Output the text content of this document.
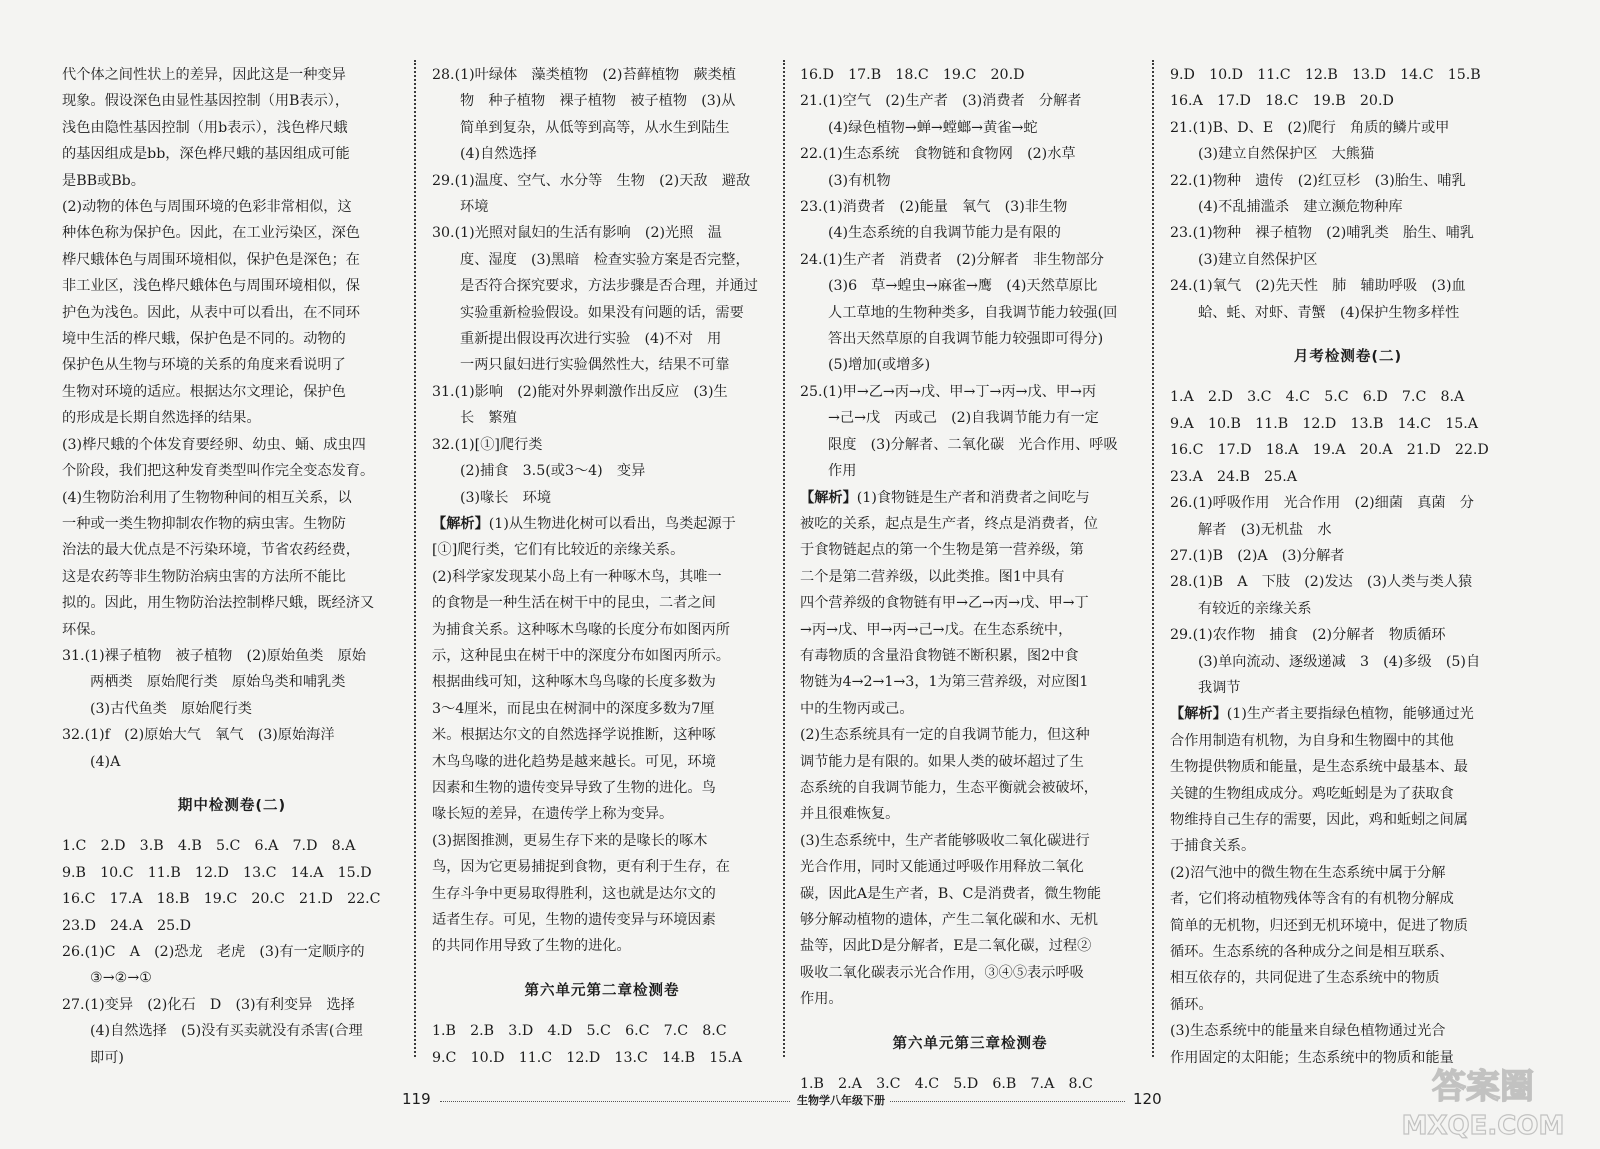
代个体之间性状上的差异，因此这是一种变异
现象。假设深色由显性基因控制（用B表示），
浅色由隐性基因控制（用b表示），浅色桦尺蛾
的基因组成是bb，深色桦尺蛾的基因组成可能
是BB或Bb。
(2)动物的体色与周围环境的色彩非常相似，这
种体色称为保护色。因此，在工业污染区，深色
桦尺蛾体色与周围环境相似，保护色是深色；在
非工业区，浅色桦尺蛾体色与周围环境相似，保
护色为浅色。因此，从表中可以看出，在不同环
境中生活的桦尺蛾，保护色是不同的。动物的
保护色从生物与环境的关系的角度来看说明了
生物对环境的适应。根据达尔文理论，保护色
的形成是长期自然选择的结果。
(3)桦尺蛾的个体发育要经卵、幼虫、蛹、成虫四
个阶段，我们把这种发育类型叫作完全变态发育。
(4)生物防治利用了生物物种间的相互关系，以
一种或一类生物抑制农作物的病虫害。生物防
治法的最大优点是不污染环境，节省农药经费，
这是农药等非生物防治病虫害的方法所不能比
拟的。因此，用生物防治法控制桦尺蛾，既经济又
环保。
31.(1)裸子植物　被子植物　(2)原始鱼类　原始
两栖类　原始爬行类　原始鸟类和哺乳类
(3)古代鱼类　原始爬行类
32.(1)f　(2)原始大气　氧气　(3)原始海洋
(4)A
期中检测卷(二)
1.C　2.D　3.B　4.B　5.C　6.A　7.D　8.A
9.B　10.C　11.B　12.D　13.C　14.A　15.D
16.C　17.A　18.B　19.C　20.C　21.D　22.C
23.D　24.A　25.D
26.(1)C　A　(2)恐龙　老虎　(3)有一定顺序的
③→②→①
27.(1)变异　(2)化石　D　(3)有利变异　选择
(4)自然选择　(5)没有买卖就没有杀害(合理
即可)
28.(1)叶绿体　藻类植物　(2)苔藓植物　蕨类植
物　种子植物　裸子植物　被子植物　(3)从
简单到复杂，从低等到高等，从水生到陆生
(4)自然选择
29.(1)温度、空气、水分等　生物　(2)天敌　避敌
环境
30.(1)光照对鼠妇的生活有影响　(2)光照　温
度、湿度　(3)黑暗　检查实验方案是否完整，
是否符合探究要求，方法步骤是否合理，并通过
实验重新检验假设。如果没有问题的话，需要
重新提出假设再次进行实验　(4)不对　用
一两只鼠妇进行实验偶然性大，结果不可靠
31.(1)影响　(2)能对外界刺激作出反应　(3)生
长　繁殖
32.(1)[①]爬行类
(2)捕食　3.5(或3～4)　变异
(3)喙长　环境
【解析】(1)从生物进化树可以看出，鸟类起源于
[①]爬行类，它们有比较近的亲缘关系。
(2)科学家发现某小岛上有一种啄木鸟，其唯一
的食物是一种生活在树干中的昆虫，二者之间
为捕食关系。这种啄木鸟喙的长度分布如图丙所
示，这种昆虫在树干中的深度分布如图丙所示。
根据曲线可知，这种啄木鸟鸟喙的长度多数为
3～4厘米，而昆虫在树洞中的深度多数为7厘
米。根据达尔文的自然选择学说推断，这种啄
木鸟鸟喙的进化趋势是越来越长。可见，环境
因素和生物的遗传变异导致了生物的进化。鸟
喙长短的差异，在遗传学上称为变异。
(3)据图推测，更易生存下来的是喙长的啄木
鸟，因为它更易捕捉到食物，更有利于生存，在
生存斗争中更易取得胜利，这也就是达尔文的
适者生存。可见，生物的遗传变异与环境因素
的共同作用导致了生物的进化。
第六单元第二章检测卷
1.B　2.B　3.D　4.D　5.C　6.C　7.C　8.C
9.C　10.D　11.C　12.D　13.C　14.B　15.A
16.D　17.B　18.C　19.C　20.D
21.(1)空气　(2)生产者　(3)消费者　分解者
(4)绿色植物→蝉→螳螂→黄雀→蛇
22.(1)生态系统　食物链和食物网　(2)水草
(3)有机物
23.(1)消费者　(2)能量　氧气　(3)非生物
(4)生态系统的自我调节能力是有限的
24.(1)生产者　消费者　(2)分解者　非生物部分
(3)6　草→蝗虫→麻雀→鹰　(4)天然草原比
人工草地的生物种类多，自我调节能力较强(回
答出天然草原的自我调节能力较强即可得分)
(5)增加(或增多)
25.(1)甲→乙→丙→戊、甲→丁→丙→戊、甲→丙
→己→戊　丙或己　(2)自我调节能力有一定
限度　(3)分解者、二氧化碳　光合作用、呼吸
作用
【解析】(1)食物链是生产者和消费者之间吃与
被吃的关系，起点是生产者，终点是消费者，位
于食物链起点的第一个生物是第一营养级，第
二个是第二营养级，以此类推。图1中具有
四个营养级的食物链有甲→乙→丙→戊、甲→丁
→丙→戊、甲→丙→己→戊。在生态系统中，
有毒物质的含量沿食物链不断积累，图2中食
物链为4→2→1→3，1为第三营养级，对应图1
中的生物丙或己。
(2)生态系统具有一定的自我调节能力，但这种
调节能力是有限的。如果人类的破坏超过了生
态系统的自我调节能力，生态平衡就会被破坏，
并且很难恢复。
(3)生态系统中，生产者能够吸收二氧化碳进行
光合作用，同时又能通过呼吸作用释放二氧化
碳，因此A是生产者，B、C是消费者，微生物能
够分解动植物的遗体，产生二氧化碳和水、无机
盐等，因此D是分解者，E是二氧化碳，过程②
吸收二氧化碳表示光合作用，③④⑤表示呼吸
作用。
第六单元第三章检测卷
1.B　2.A　3.C　4.C　5.D　6.B　7.A　8.C
9.D　10.D　11.C　12.B　13.D　14.C　15.B
16.A　17.D　18.C　19.B　20.D
21.(1)B、D、E　(2)爬行　角质的鳞片或甲
(3)建立自然保护区　大熊猫
22.(1)物种　遗传　(2)红豆杉　(3)胎生、哺乳
(4)不乱捕滥杀　建立濒危物种库
23.(1)物种　裸子植物　(2)哺乳类　胎生、哺乳
(3)建立自然保护区
24.(1)氧气　(2)先天性　肺　辅助呼吸　(3)血
蛤、蚝、对虾、青蟹　(4)保护生物多样性
月考检测卷(二)
1.A　2.D　3.C　4.C　5.C　6.D　7.C　8.A
9.A　10.B　11.B　12.D　13.B　14.C　15.A
16.C　17.D　18.A　19.A　20.A　21.D　22.D
23.A　24.B　25.A
26.(1)呼吸作用　光合作用　(2)细菌　真菌　分
解者　(3)无机盐　水
27.(1)B　(2)A　(3)分解者
28.(1)B　A　下肢　(2)发达　(3)人类与类人猿
有较近的亲缘关系
29.(1)农作物　捕食　(2)分解者　物质循环
(3)单向流动、逐级递减　3　(4)多级　(5)自
我调节
【解析】(1)生产者主要指绿色植物，能够通过光
合作用制造有机物，为自身和生物圈中的其他
生物提供物质和能量，是生态系统中最基本、最
关键的生物组成成分。鸡吃蚯蚓是为了获取食
物维持自己生存的需要，因此，鸡和蚯蚓之间属
于捕食关系。
(2)沼气池中的微生物在生态系统中属于分解
者，它们将动植物残体等含有的有机物分解成
简单的无机物，归还到无机环境中，促进了物质
循环。生态系统的各种成分之间是相互联系、
相互依存的，共同促进了生态系统中的物质
循环。
(3)生态系统中的能量来自绿色植物通过光合
作用固定的太阳能；生态系统中的物质和能量
119	生物学八年级下册	120	答案圈
MXQE.COM
